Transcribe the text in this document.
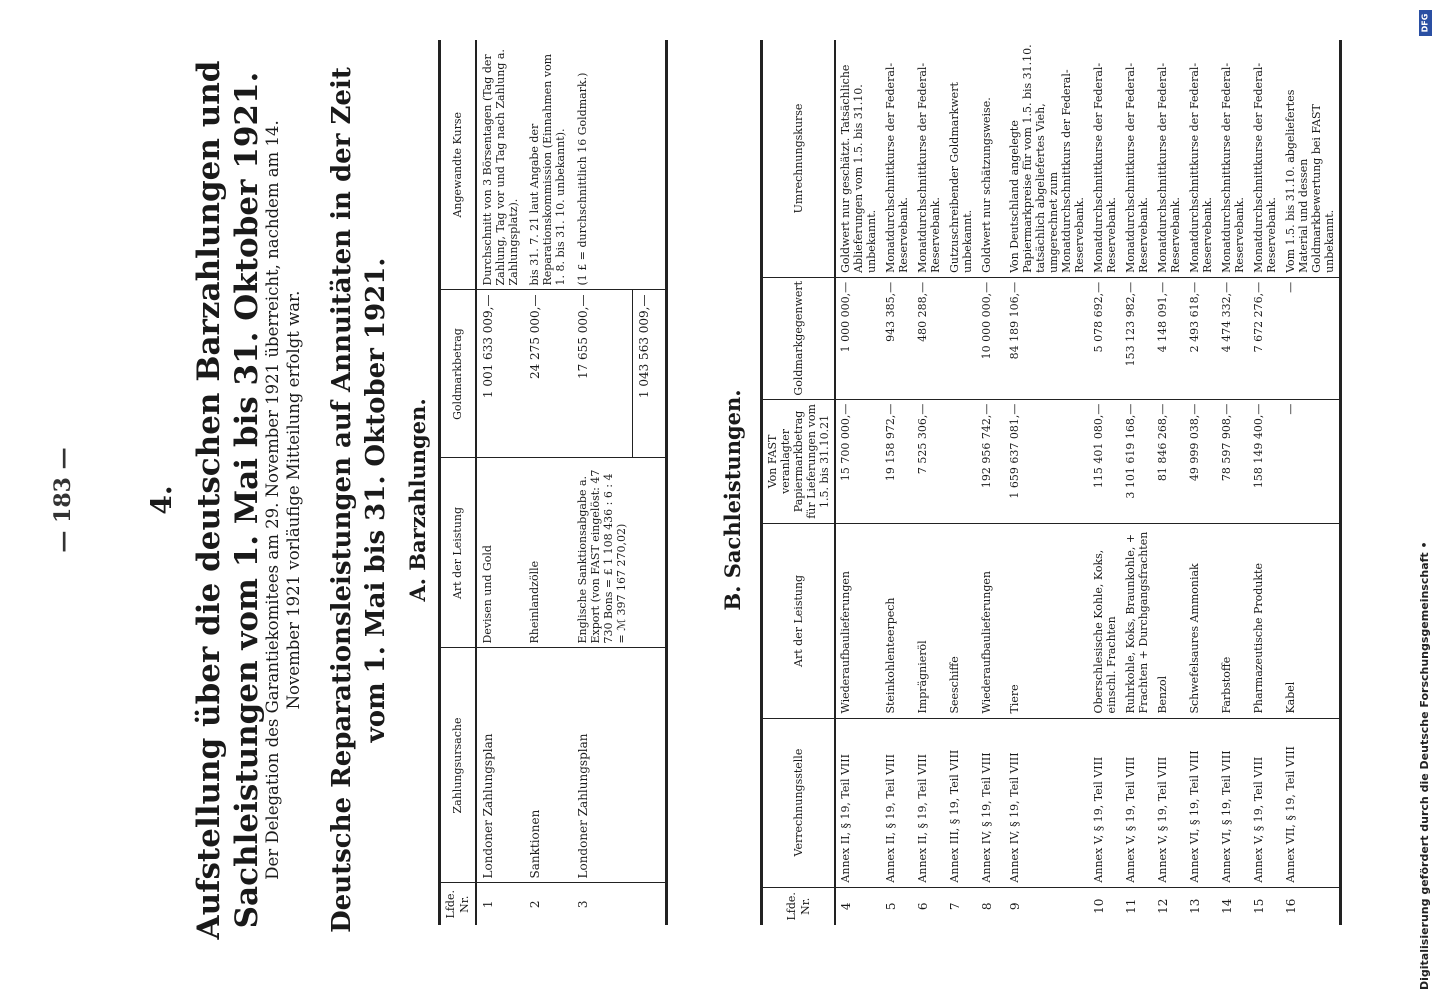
— 183 — 4. Aufstellung über die deutschen Barzahlungen und Sachleistungen vom 1. Mai bis 31. Oktober 1921.
Der Delegation des Garantiekomitees am 29. November 1921 überreicht, nachdem am 14. November 1921 vorläufige Mitteilung erfolgt war. Deutsche Reparationsleistungen auf Annuitäten in der Zeit vom 1. Mai bis 31. Oktober 1921. A. Barzahlungen.
Lfde. Nr.	Zahlungsursache	Art der Leistung	Goldmarkbetrag	Angewandte Kurse
1	Londoner Zahlungsplan	Devisen und Gold	1 001 633 009,—	Durchschnitt von 3 Börsentagen (Tag der Zahlung, Tag vor und Tag nach Zahlung a. Zahlungsplatz).
2	Sanktionen	Rheinlandzölle	24 275 000,—	bis 31. 7. 21 laut Angabe der Reparationskommission (Einnahmen vom 1. 8. bis 31. 10. unbekannt).
3	Londoner Zahlungsplan	Englische Sanktionsabgabe a. Export (von FAST eingelöst: 47 730 Bons = £ 1 108 436 : 6 : 4 = ℳ 397 167 270,02)	17 655 000,—	(1 £ = durchschnittlich 16 Goldmark.)
			1 043 563 009,—	
B. Sachleistungen.
Lfde. Nr.	Verrechnungsstelle	Art der Leistung	Von FAST veranlagter Papiermarkbetrag für Lieferungen vom 1.5. bis 31.10.21	Goldmarkgegenwert	Umrechnungskurse
4	Annex II, § 19, Teil VIII	Wiederaufbaulieferungen	15 700 000,—	1 000 000,—	Goldwert nur geschätzt. Tatsächliche Ablieferungen vom 1.5. bis 31.10. unbekannt.
5	Annex II, § 19, Teil VIII	Steinkohlenteerpech	19 158 972,—	943 385,—	Monatdurchschnittkurse der Federal-Reservebank.
6	Annex II, § 19, Teil VIII	Imprägnieröl	7 525 306,—	480 288,—	Monatdurchschnittkurse der Federal-Reservebank.
7	Annex III, § 19, Teil VIII	Seeschiffe			Gutzuschreibender Goldmarkwert unbekannt.
8	Annex IV, § 19, Teil VIII	Wiederaufbaulieferungen	192 956 742,—	10 000 000,—	Goldwert nur schätzungsweise.
9	Annex IV, § 19, Teil VIII	Tiere	1 659 637 081,—	84 189 106,—	Von Deutschland angelegte Papiermarkpreise für vom 1.5. bis 31.10. tatsächlich abgeliefertes Vieh, umgerechnet zum Monatdurchschnittkurs der Federal-Reservebank.
10	Annex V, § 19, Teil VIII	Oberschlesische Kohle, Koks, einschl. Frachten	115 401 080,—	5 078 692,—	Monatdurchschnittkurse der Federal-Reservebank.
11	Annex V, § 19, Teil VIII	Ruhrkohle, Koks, Braunkohle, + Frachten + Durchgangsfrachten	3 101 619 168,—	153 123 982,—	Monatdurchschnittkurse der Federal-Reservebank.
12	Annex V, § 19, Teil VIII	Benzol	81 846 268,—	4 148 091,—	Monatdurchschnittkurse der Federal-Reservebank.
13	Annex VI, § 19, Teil VIII	Schwefelsaures Ammoniak	49 999 038,—	2 493 618,—	Monatdurchschnittkurse der Federal-Reservebank.
14	Annex VI, § 19, Teil VIII	Farbstoffe	78 597 908,—	4 474 332,—	Monatdurchschnittkurse der Federal-Reservebank.
15	Annex V, § 19, Teil VIII	Pharmazeutische Produkte	158 149 400,—	7 672 276,—	Monatdurchschnittkurse der Federal-Reservebank.
16	Annex VII, § 19, Teil VIII	Kabel	—	—	Vom 1.5. bis 31.10. abgeliefertes Material und dessen Goldmarkbewertung bei FAST unbekannt.
Digitalisierung gefördert durch die Deutsche Forschungsgemeinschaft •
DFG
